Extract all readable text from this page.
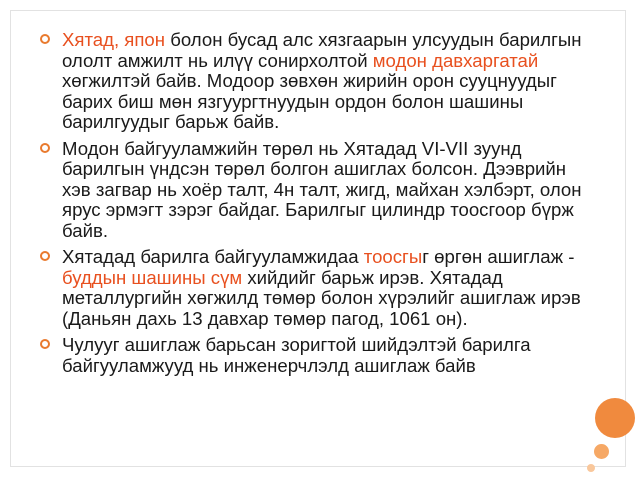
Хятад, япон болон бусад алс хязгаарын улсуудын барилгын ололт амжилт нь илүү сонирхолтой модон давхаргатай хөгжилтэй байв. Модоор зөвхөн жирийн орон сууцнуудыг барих биш мөн язгуургтнуудын ордон болон шашины барилгуудыг барьж байв.
Модон байгууламжийн төрөл нь Хятадад VI-VII зуунд барилгын үндсэн төрөл болгон ашиглах болсон. Дээврийн хэв загвар нь хоёр талт, 4н талт, жигд, майхан хэлбэрт, олон ярус эрмэгт зэрэг байдаг. Барилгыг цилиндр тоосгоор бүрж байв.
Хятадад барилга байгууламжидаа тоосгыг өргөн ашиглаж - буддын шашины сүм хийдийг барьж ирэв. Хятадад металлургийн хөгжилд төмөр болон хүрэлийг ашиглаж ирэв (Даньян дахь 13 давхар төмөр пагод, 1061 он).
Чулууг ашиглаж барьсан зоригтой шийдэлтэй барилга байгууламжууд нь инженерчлэлд ашиглаж байв
